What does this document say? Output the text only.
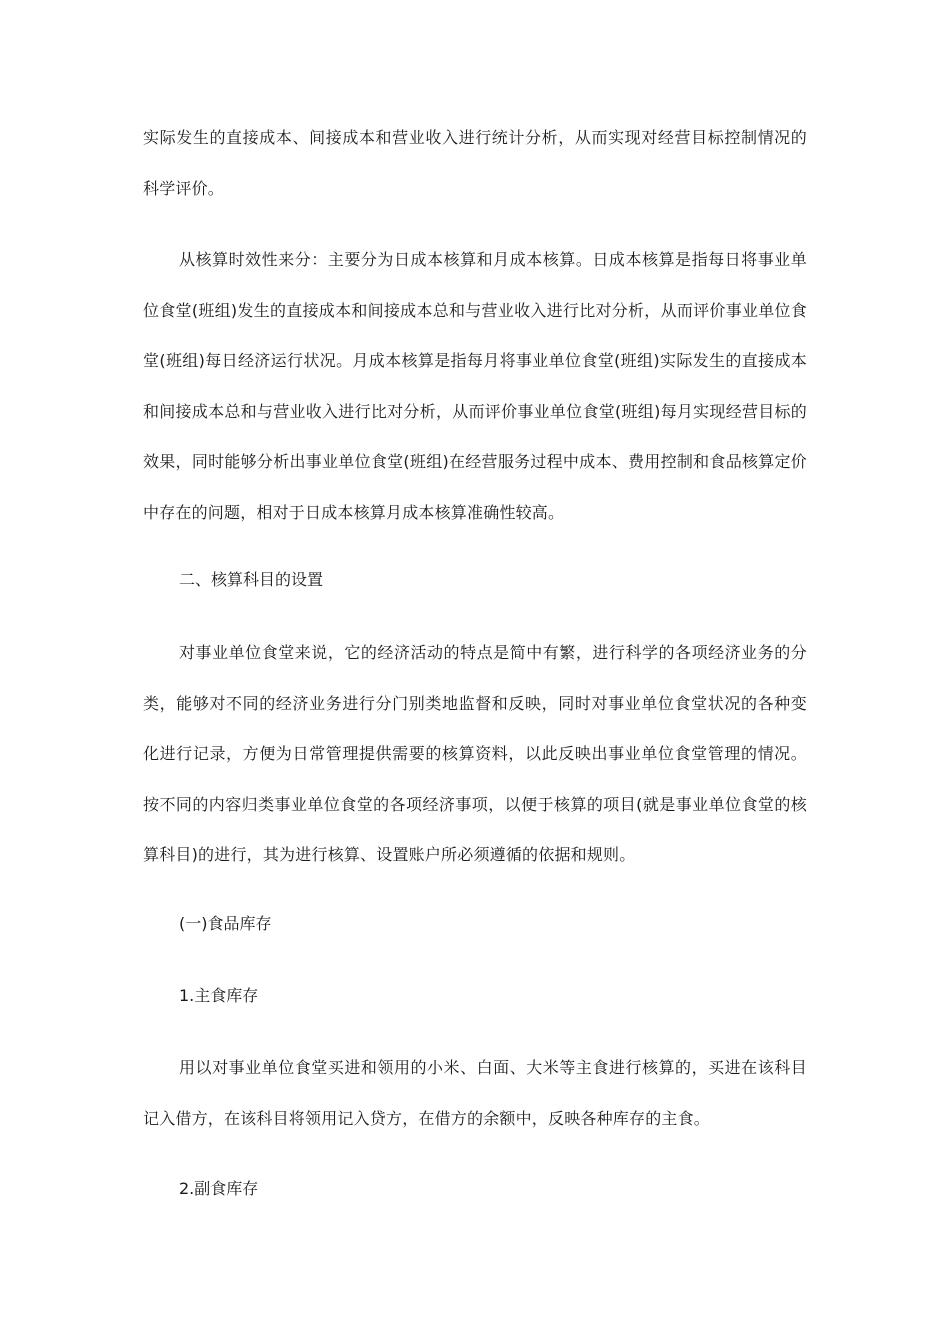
实际发生的直接成本、间接成本和营业收入进行统计分析，从而实现对经营目标控制情况的科学评价。

从核算时效性来分：主要分为日成本核算和月成本核算。日成本核算是指每日将事业单位食堂(班组)发生的直接成本和间接成本总和与营业收入进行比对分析，从而评价事业单位食堂(班组)每日经济运行状况。月成本核算是指每月将事业单位食堂(班组)实际发生的直接成本和间接成本总和与营业收入进行比对分析，从而评价事业单位食堂(班组)每月实现经营目标的效果，同时能够分析出事业单位食堂(班组)在经营服务过程中成本、费用控制和食品核算定价中存在的问题，相对于日成本核算月成本核算准确性较高。

二、核算科目的设置

对事业单位食堂来说，它的经济活动的特点是简中有繁，进行科学的各项经济业务的分类，能够对不同的经济业务进行分门别类地监督和反映，同时对事业单位食堂状况的各种变化进行记录，方便为日常管理提供需要的核算资料，以此反映出事业单位食堂管理的情况。按不同的内容归类事业单位食堂的各项经济事项，以便于核算的项目(就是事业单位食堂的核算科目)的进行，其为进行核算、设置账户所必须遵循的依据和规则。

(一)食品库存

1.主食库存

用以对事业单位食堂买进和领用的小米、白面、大米等主食进行核算的，买进在该科目记入借方，在该科目将领用记入贷方，在借方的余额中，反映各种库存的主食。

2.副食库存
